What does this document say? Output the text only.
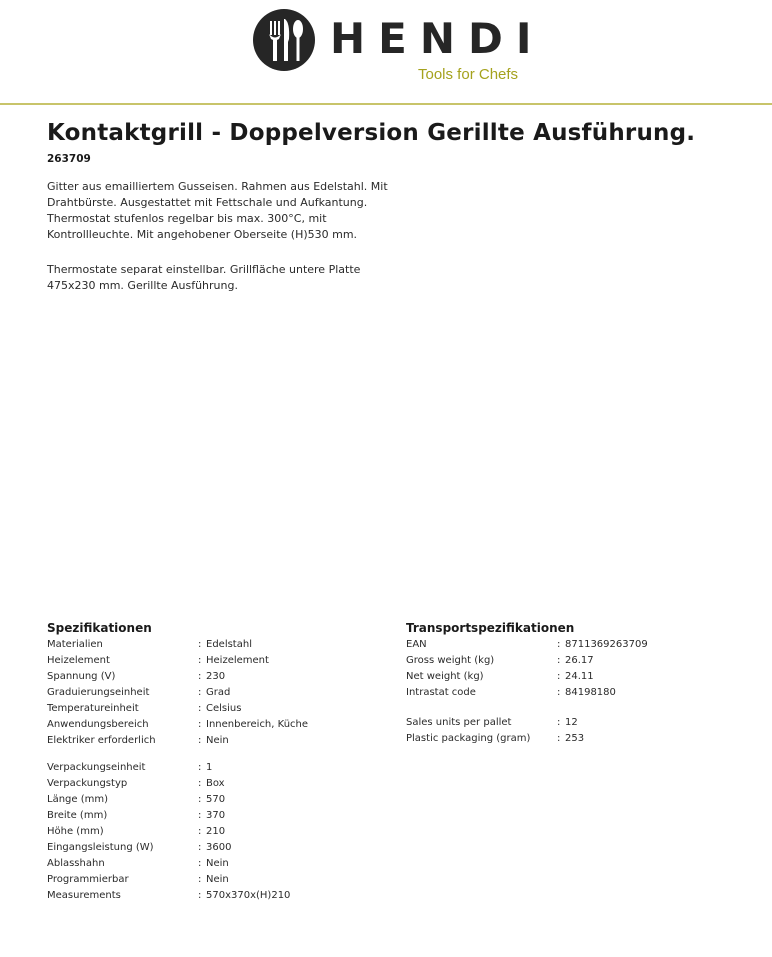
HENDI
Tools for Chefs
Kontaktgrill - Doppelversion Gerillte Ausführung.
263709
Gitter aus emailliertem Gusseisen. Rahmen aus Edelstahl. Mit Drahtbürste. Ausgestattet mit Fettschale und Aufkantung. Thermostat stufenlos regelbar bis max. 300°C, mit Kontrollleuchte. Mit angehobener Oberseite (H)530 mm.
Thermostate separat einstellbar. Grillfläche untere Platte 475x230 mm. Gerillte Ausführung.
Spezifikationen
Materialien	: Edelstahl
Heizelement	: Heizelement
Spannung (V)	: 230
Graduierungseinheit	: Grad
Temperatureinheit	: Celsius
Anwendungsbereich	: Innenbereich, Küche
Elektriker erforderlich	: Nein
Verpackungseinheit	: 1
Verpackungstyp	: Box
Länge (mm)	: 570
Breite (mm)	: 370
Höhe (mm)	: 210
Eingangsleistung (W)	: 3600
Ablasshahn	: Nein
Programmierbar	: Nein
Measurements	: 570x370x(H)210
Transportspezifikationen
EAN	: 8711369263709
Gross weight (kg)	: 26.17
Net weight (kg)	: 24.11
Intrastat code	: 84198180
Sales units per pallet	: 12
Plastic packaging (gram)	: 253
